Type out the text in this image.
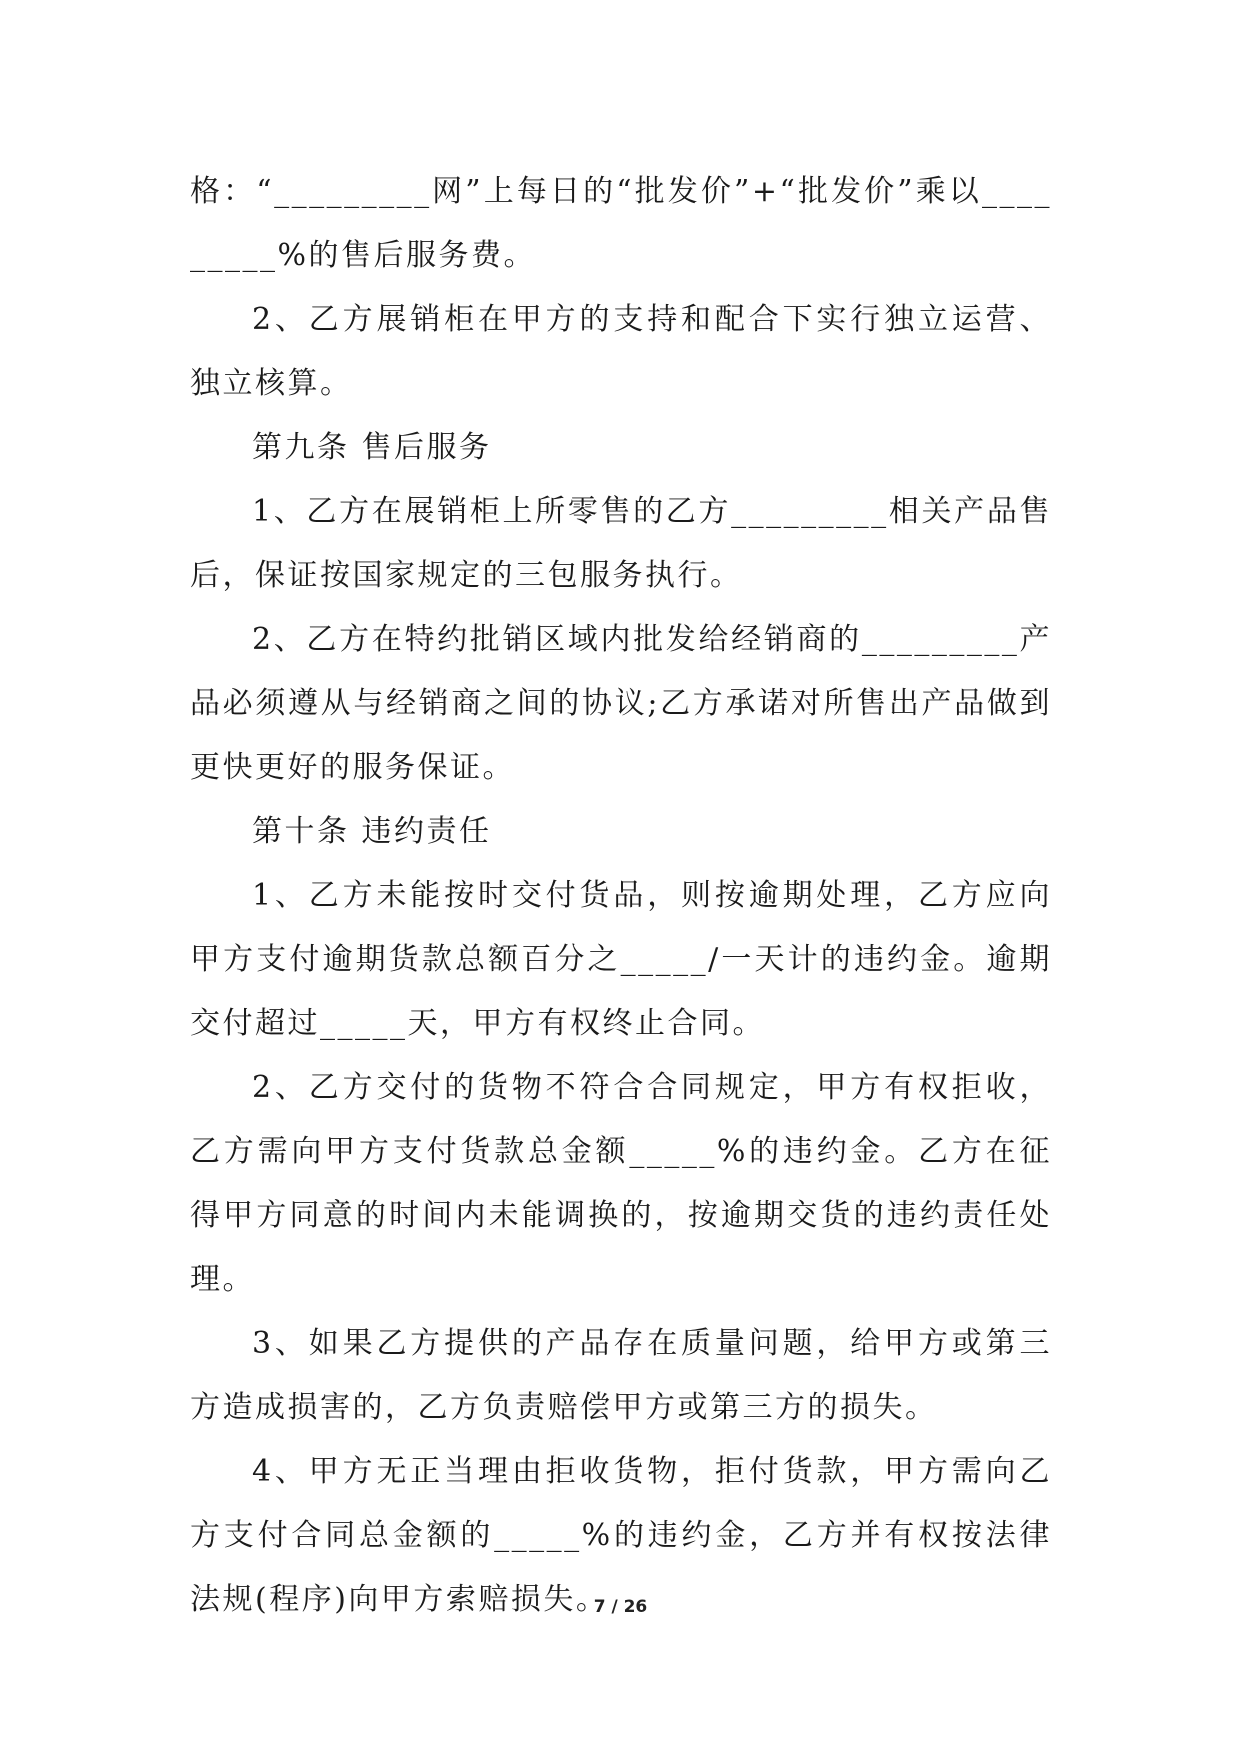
格：“_________网”上每日的“批发价”+“批发价”乘以_________%的售后服务费。

2、乙方展销柜在甲方的支持和配合下实行独立运营、独立核算。

第九条 售后服务

1、乙方在展销柜上所零售的乙方_________相关产品售后，保证按国家规定的三包服务执行。

2、乙方在特约批销区域内批发给经销商的_________产品必须遵从与经销商之间的协议;乙方承诺对所售出产品做到更快更好的服务保证。

第十条 违约责任

1、乙方未能按时交付货品，则按逾期处理，乙方应向甲方支付逾期货款总额百分之_____/一天计的违约金。逾期交付超过_____天，甲方有权终止合同。

2、乙方交付的货物不符合合同规定，甲方有权拒收，乙方需向甲方支付货款总金额_____%的违约金。乙方在征得甲方同意的时间内未能调换的，按逾期交货的违约责任处理。

3、如果乙方提供的产品存在质量问题，给甲方或第三方造成损害的，乙方负责赔偿甲方或第三方的损失。

4、甲方无正当理由拒收货物，拒付货款，甲方需向乙方支付合同总金额的_____%的违约金，乙方并有权按法律法规(程序)向甲方索赔损失。

7 / 26
